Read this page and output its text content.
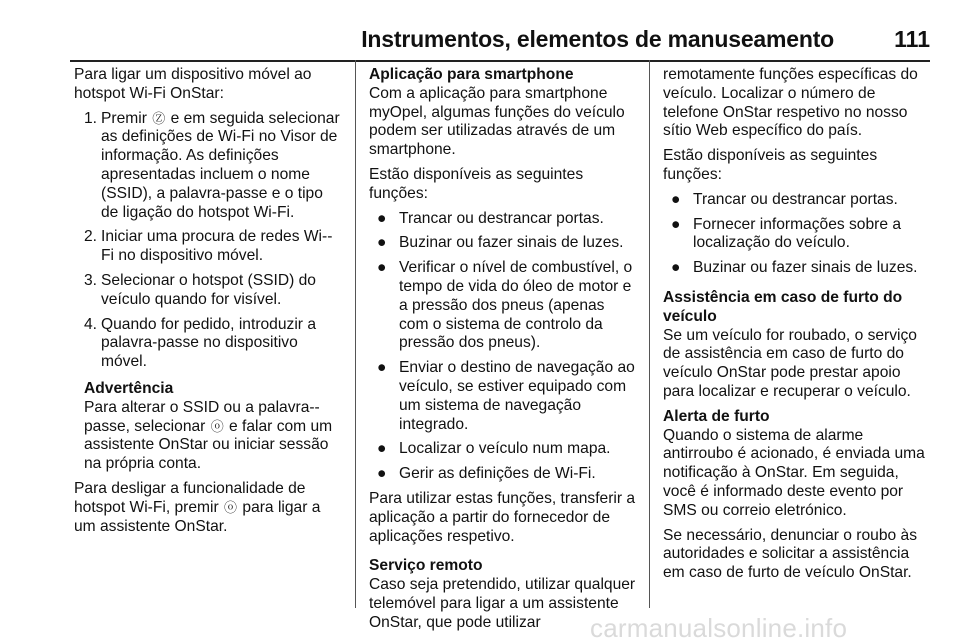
Instrumentos, elementos de manuseamento	111

Para ligar um dispositivo móvel ao hotspot Wi-Fi OnStar:

1. Premir Ⓩ e em seguida selecionar as definições de Wi-Fi no Visor de informação. As definições apresentadas incluem o nome (SSID), a palavra-passe e o tipo de ligação do hotspot Wi-Fi.
2. Iniciar uma procura de redes Wi--Fi no dispositivo móvel.
3. Selecionar o hotspot (SSID) do veículo quando for visível.
4. Quando for pedido, introduzir a palavra-passe no dispositivo móvel.
Advertência
Para alterar o SSID ou a palavra--passe, selecionar ⓞ e falar com um assistente OnStar ou iniciar sessão na própria conta.

Para desligar a funcionalidade de hotspot Wi-Fi, premir ⓞ para ligar a um assistente OnStar.

Aplicação para smartphone

Com a aplicação para smartphone myOpel, algumas funções do veículo podem ser utilizadas através de um smartphone.

Estão disponíveis as seguintes funções:

● Trancar ou destrancar portas.
● Buzinar ou fazer sinais de luzes.
● Verificar o nível de combustível, o tempo de vida do óleo de motor e a pressão dos pneus (apenas com o sistema de controlo da pressão dos pneus).
● Enviar o destino de navegação ao veículo, se estiver equipado com um sistema de navegação integrado.
● Localizar o veículo num mapa.
● Gerir as definições de Wi-Fi.

Para utilizar estas funções, transferir a aplicação a partir do fornecedor de aplicações respetivo.

Serviço remoto

Caso seja pretendido, utilizar qualquer telemóvel para ligar a um assistente OnStar, que pode utilizar

remotamente funções específicas do veículo. Localizar o número de telefone OnStar respetivo no nosso sítio Web específico do país.

Estão disponíveis as seguintes funções:

● Trancar ou destrancar portas.
● Fornecer informações sobre a localização do veículo.
● Buzinar ou fazer sinais de luzes.
Assistência em caso de furto do veículo

Se um veículo for roubado, o serviço de assistência em caso de furto do veículo OnStar pode prestar apoio para localizar e recuperar o veículo.

Alerta de furto

Quando o sistema de alarme antirroubo é acionado, é enviada uma notificação à OnStar. Em seguida, você é informado deste evento por SMS ou correio eletrónico.

Se necessário, denunciar o roubo às autoridades e solicitar a assistência em caso de furto de veículo OnStar.

carmanualsonline.info
